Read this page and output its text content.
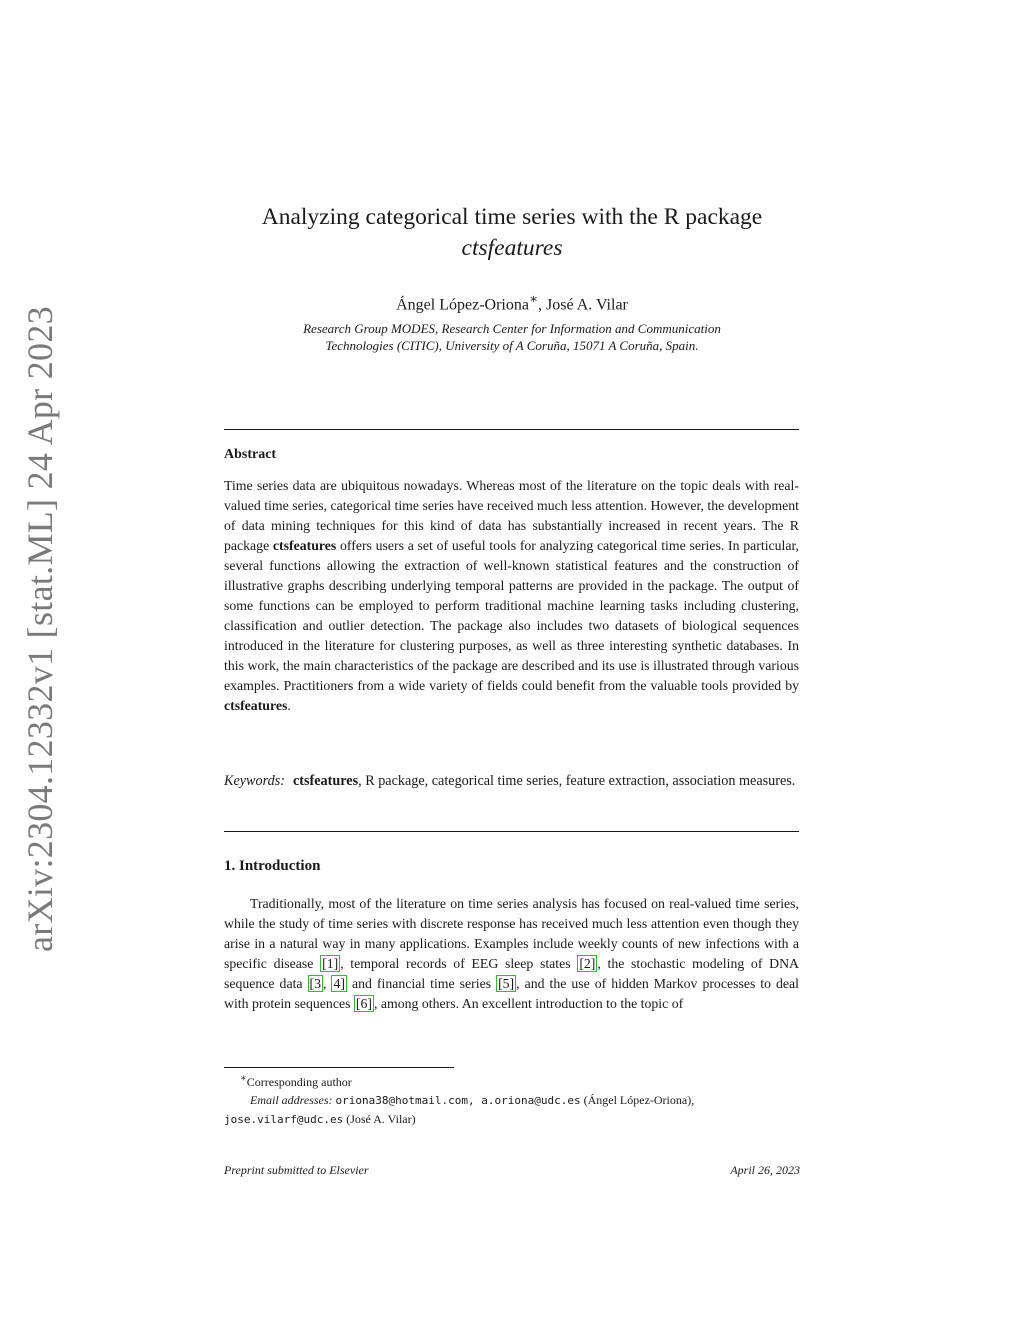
arXiv:2304.12332v1 [stat.ML] 24 Apr 2023
Analyzing categorical time series with the R package
ctsfeatures
Ángel López-Oriona∗, José A. Vilar
Research Group MODES, Research Center for Information and Communication
Technologies (CITIC), University of A Coruña, 15071 A Coruña, Spain.
Abstract
Time series data are ubiquitous nowadays. Whereas most of the literature on the topic deals with real-valued time series, categorical time series have received much less attention. However, the development of data mining techniques for this kind of data has substantially increased in recent years. The R package ctsfeatures offers users a set of useful tools for analyzing categorical time series. In particular, several functions allowing the extraction of well-known statistical features and the construction of illustrative graphs describing underlying temporal patterns are provided in the package. The output of some functions can be employed to perform traditional machine learning tasks including clustering, classification and outlier detection. The package also includes two datasets of biological sequences introduced in the literature for clustering purposes, as well as three interesting synthetic databases. In this work, the main characteristics of the package are described and its use is illustrated through various examples. Practitioners from a wide variety of fields could benefit from the valuable tools provided by ctsfeatures.
Keywords: ctsfeatures, R package, categorical time series, feature extraction, association measures.
1. Introduction
Traditionally, most of the literature on time series analysis has focused on real-valued time series, while the study of time series with discrete response has received much less attention even though they arise in a natural way in many applications. Examples include weekly counts of new infections with a specific disease [1] , temporal records of EEG sleep states [2] , the stochastic modeling of DNA sequence data [3 , 4] and financial time series [5] , and the use of hidden Markov processes to deal with protein sequences [6] , among others. An excellent introduction to the topic of
∗Corresponding author
Email addresses: oriona38@hotmail.com, a.oriona@udc.es (Ángel López-Oriona),
jose.vilarf@udc.es (José A. Vilar)
Preprint submitted to Elsevier	April 26, 2023
